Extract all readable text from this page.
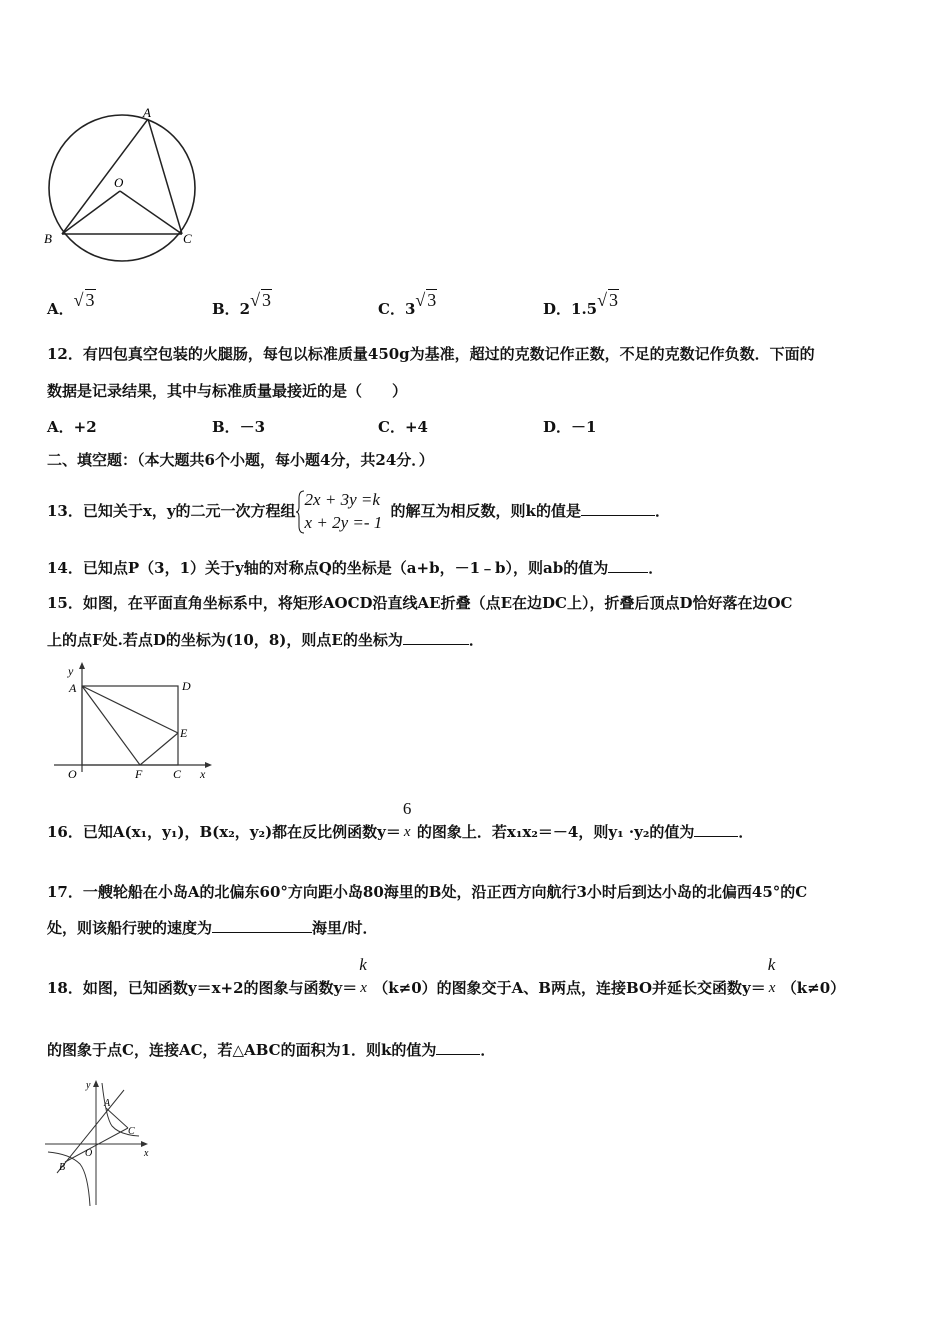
A
O
B	C
A．√ 3	B．2√ 3	C．3√ 3	D．1.5√ 3
12．有四包真空包装的火腿肠，每包以标准质量450g为基准，超过的克数记作正数，不足的克数记作负数．下面的
数据是记录结果，其中与标准质量最接近的是（　　）
A．+2	B．－3	C．+4	D．－1
二、填空题：（本大题共6个小题，每小题4分，共24分．）
13．已知关于x，y的二元一次方程组
2x + 3y =k
x + 2y =- 1
的解互为相反数，则k的值是	．
14．已知点P（3，1）关于y轴的对称点Q的坐标是（a+b，－1﹣b），则ab的值为	．
15．如图，在平面直角坐标系中，将矩形AOCD沿直线AE折叠（点E在边DC上），折叠后顶点D恰好落在边OC
上的点F处.若点D的坐标为(10，8)，则点E的坐标为	．
y
A	D
E
O	F	C x
16．已知A(x₁，y₁)，B(x₂，y₂)都在反比例函数y＝
6
x 的图象上．若x₁x₂＝－4，则y₁ ·y₂的值为	．
17．一艘轮船在小岛A的北偏东60°方向距小岛80海里的B处，沿正西方向航行3小时后到达小岛的北偏西45°的C
处，则该船行驶的速度为	海里/时．
18．如图，已知函数y＝x+2的图象与函数y＝
k
x （k≠0）的图象交于A、B两点，连接BO并延长交函数y＝
k
x （k≠0）
的图象于点C，连接AC，若△ABC的面积为1．则k的值为	．
y
A
C
O
B
x
